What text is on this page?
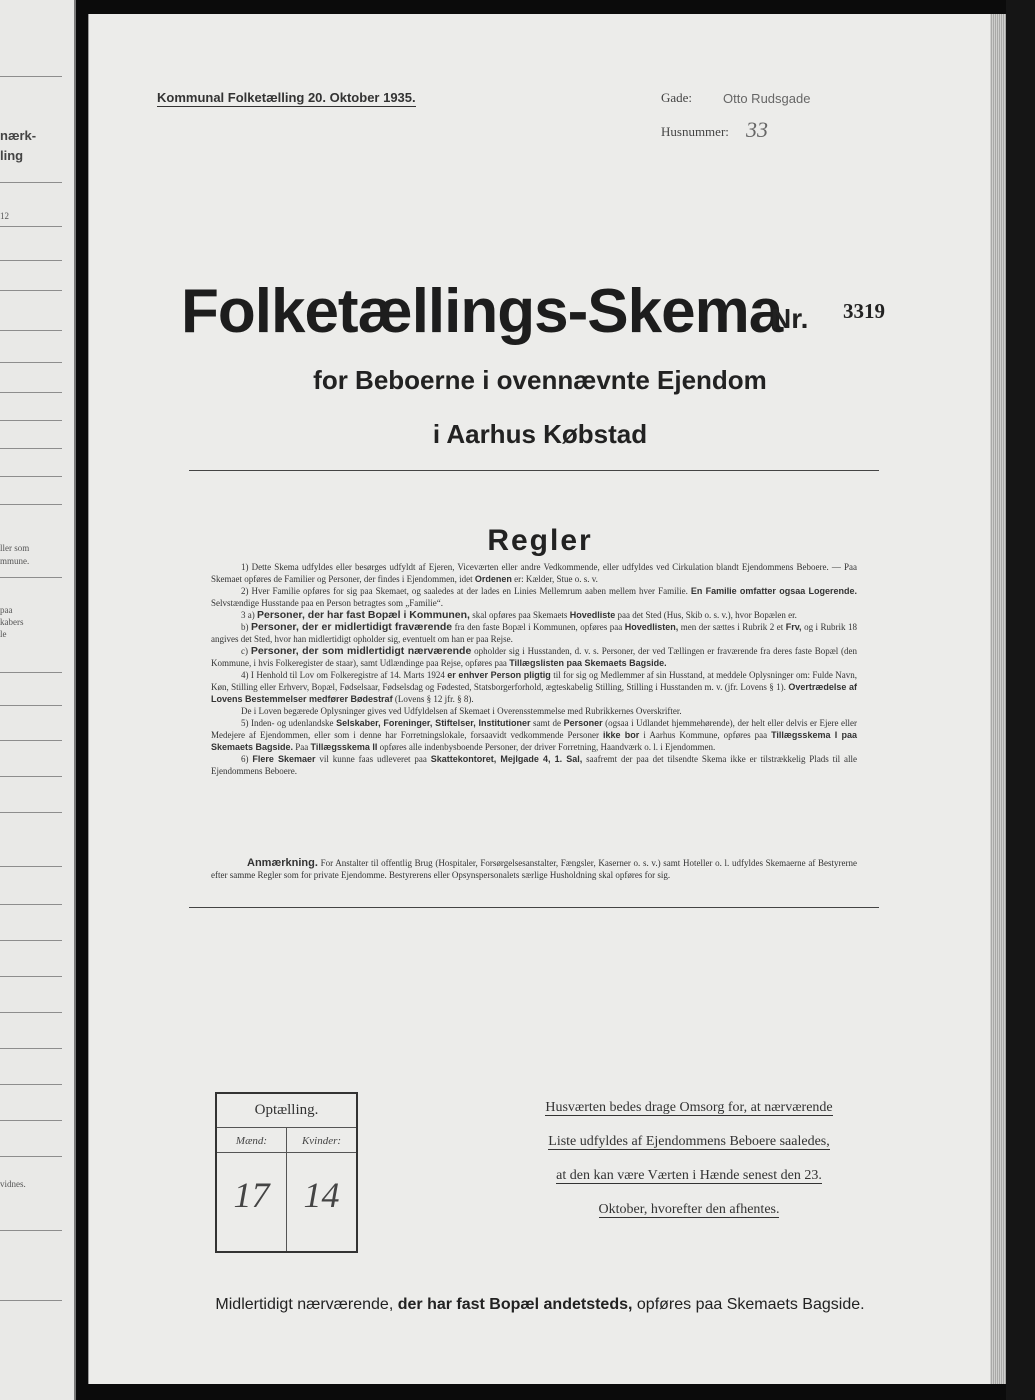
nærk-
ling
12
ller som
mmune.
paa
kabers
le
vidnes.
Kommunal Folketælling 20. Oktober 1935.	Gade: Otto Rudsgade
Husnummer: 33
Folketællings-Skema
Nr. 3319
for Beboerne i ovennævnte Ejendom
i Aarhus Købstad
Regler

1) Dette Skema udfyldes eller besørges udfyldt af Ejeren, Viceværten eller andre Vedkommende, eller udfyldes ved Cirkulation blandt Ejendommens Beboere. — Paa Skemaet opføres de Familier og Personer, der findes i Ejendommen, idet Ordenen er: Kælder, Stue o. s. v.

2) Hver Familie opføres for sig paa Skemaet, og saaledes at der lades en Linies Mellemrum aaben mellem hver Familie. En Familie omfatter ogsaa Logerende. Selvstændige Husstande paa en Person betragtes som „Familie“.

3 a) Personer, der har fast Bopæl i Kommunen, skal opføres paa Skemaets Hovedliste paa det Sted (Hus, Skib o. s. v.), hvor Bopælen er.

b) Personer, der er midlertidigt fraværende fra den faste Bopæl i Kommunen, opføres paa Hovedlisten, men der sættes i Rubrik 2 et Frv, og i Rubrik 18 angives det Sted, hvor han midlertidigt opholder sig, eventuelt om han er paa Rejse.

c) Personer, der som midlertidigt nærværende opholder sig i Husstanden, d. v. s. Personer, der ved Tællingen er fraværende fra deres faste Bopæl (den Kommune, i hvis Folkeregister de staar), samt Udlændinge paa Rejse, opføres paa Tillægslisten paa Skemaets Bagside.

4) I Henhold til Lov om Folkeregistre af 14. Marts 1924 er enhver Person pligtig til for sig og Medlemmer af sin Husstand, at meddele Oplysninger om: Fulde Navn, Køn, Stilling eller Erhverv, Bopæl, Fødselsaar, Fødselsdag og Fødested, Statsborgerforhold, ægteskabelig Stilling, Stilling i Husstanden m. v. (jfr. Lovens § 1). Overtrædelse af Lovens Bestemmelser medfører Bødestraf (Lovens § 12 jfr. § 8).

De i Loven begærede Oplysninger gives ved Udfyldelsen af Skemaet i Overensstemmelse med Rubrikkernes Overskrifter.

5) Inden- og udenlandske Selskaber, Foreninger, Stiftelser, Institutioner samt de Personer (ogsaa i Udlandet hjemmehørende), der helt eller delvis er Ejere eller Medejere af Ejendommen, eller som i denne har Forretningslokale, forsaavidt vedkommende Personer ikke bor i Aarhus Kommune, opføres paa Tillægsskema I paa Skemaets Bagside. Paa Tillægsskema II opføres alle indenbysboende Personer, der driver Forretning, Haandværk o. l. i Ejendommen.

6) Flere Skemaer vil kunne faas udleveret paa Skattekontoret, Mejlgade 4, 1. Sal, saafremt der paa det tilsendte Skema ikke er tilstrækkelig Plads til alle Ejendommens Beboere.

Anmærkning. For Anstalter til offentlig Brug (Hospitaler, Forsørgelsesanstalter, Fængsler, Kaserner o. s. v.) samt Hoteller o. l. udfyldes Skemaerne af Bestyrerne efter samme Regler som for private Ejendomme. Bestyrerens eller Opsynspersonalets særlige Husholdning skal opføres for sig.
Optælling.
Mænd:	Kvinder:
17 14
Husværten bedes drage Omsorg for, at nærværende
Liste udfyldes af Ejendommens Beboere saaledes,
at den kan være Værten i Hænde senest den 23.
Oktober, hvorefter den afhentes.
Midlertidigt nærværende, der har fast Bopæl andetsteds, opføres paa Skemaets Bagside.
